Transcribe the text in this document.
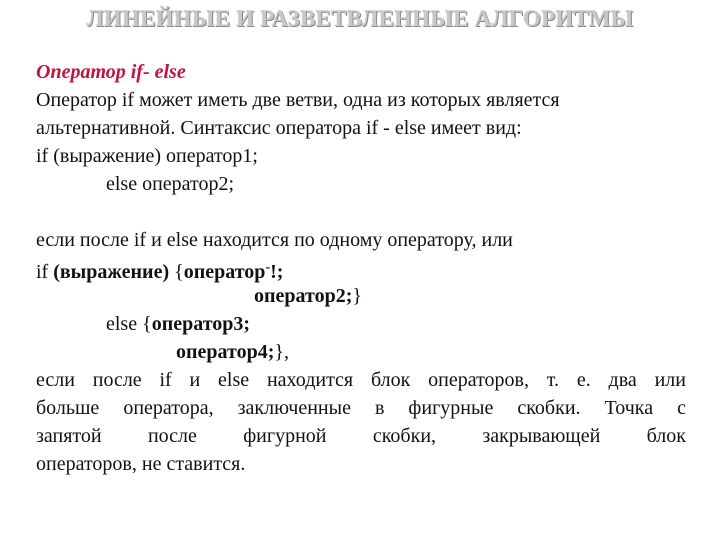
ЛИНЕЙНЫЕ И РАЗВЕТВЛЕННЫЕ АЛГОРИТМЫ
Оператор if- else
Оператор if может иметь две ветви, одна из которых является
альтернативной. Синтаксис оператора if - else имеет вид:
if (выражение) оператор1;
else оператор2;
если после if и else находится по одному оператору, или
if (выражение) {оператор-!;
оператор2;}
else {оператор3;
оператор4;},
если после if и else находится блок операторов, т. е. два или
больше оператора, заключенные в фигурные скобки. Точка с
запятой после фигурной скобки, закрывающей блок
операторов, не ставится.
